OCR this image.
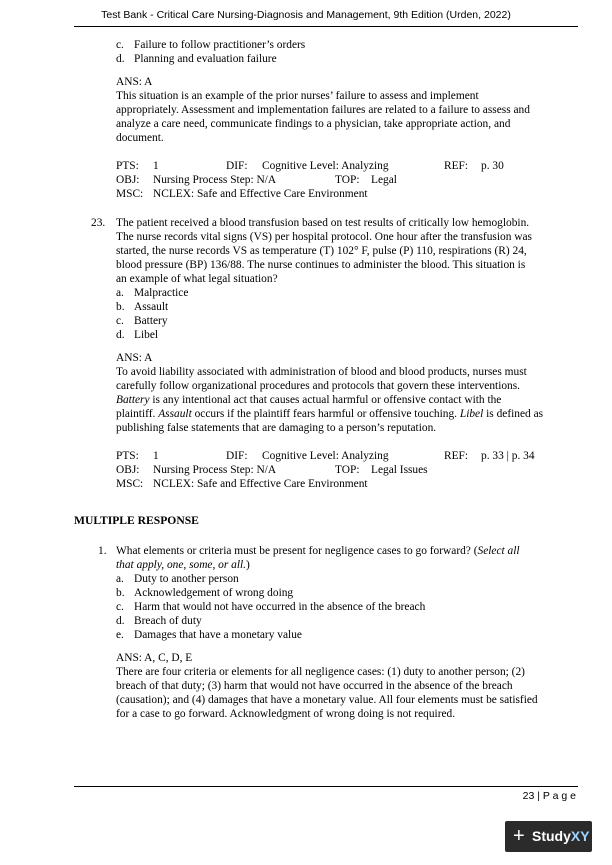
Test Bank - Critical Care Nursing-Diagnosis and Management, 9th Edition (Urden, 2022)
c. Failure to follow practitioner’s orders
d. Planning and evaluation failure
ANS: A
This situation is an example of the prior nurses’ failure to assess and implement
appropriately. Assessment and implementation failures are related to a failure to assess and
analyze a care need, communicate findings to a physician, take appropriate action, and
document.
PTS: 1	DIF: Cognitive Level: Analyzing	REF: p. 30
OBJ: Nursing Process Step: N/A	TOP: Legal
MSC: NCLEX: Safe and Effective Care Environment
23. The patient received a blood transfusion based on test results of critically low hemoglobin.
The nurse records vital signs (VS) per hospital protocol. One hour after the transfusion was
started, the nurse records VS as temperature (T) 102° F, pulse (P) 110, respirations (R) 24,
blood pressure (BP) 136/88. The nurse continues to administer the blood. This situation is
an example of what legal situation?
a. Malpractice
b. Assault
c. Battery
d. Libel
ANS: A
To avoid liability associated with administration of blood and blood products, nurses must
carefully follow organizational procedures and protocols that govern these interventions.
Battery is any intentional act that causes actual harmful or offensive contact with the
plaintiff. Assault occurs if the plaintiff fears harmful or offensive touching. Libel is defined as
publishing false statements that are damaging to a person’s reputation.
PTS: 1	DIF: Cognitive Level: Analyzing	REF: p. 33 | p. 34
OBJ: Nursing Process Step: N/A	TOP: Legal Issues
MSC: NCLEX: Safe and Effective Care Environment
MULTIPLE RESPONSE
1. What elements or criteria must be present for negligence cases to go forward? (Select all
that apply, one, some, or all.)
a. Duty to another person
b. Acknowledgement of wrong doing
c. Harm that would not have occurred in the absence of the breach
d. Breach of duty
e. Damages that have a monetary value
ANS: A, C, D, E
There are four criteria or elements for all negligence cases: (1) duty to another person; (2)
breach of that duty; (3) harm that would not have occurred in the absence of the breach
(causation); and (4) damages that have a monetary value. All four elements must be satisfied
for a case to go forward. Acknowledgment of wrong doing is not required.
23 | P a g e
+ StudyXY
